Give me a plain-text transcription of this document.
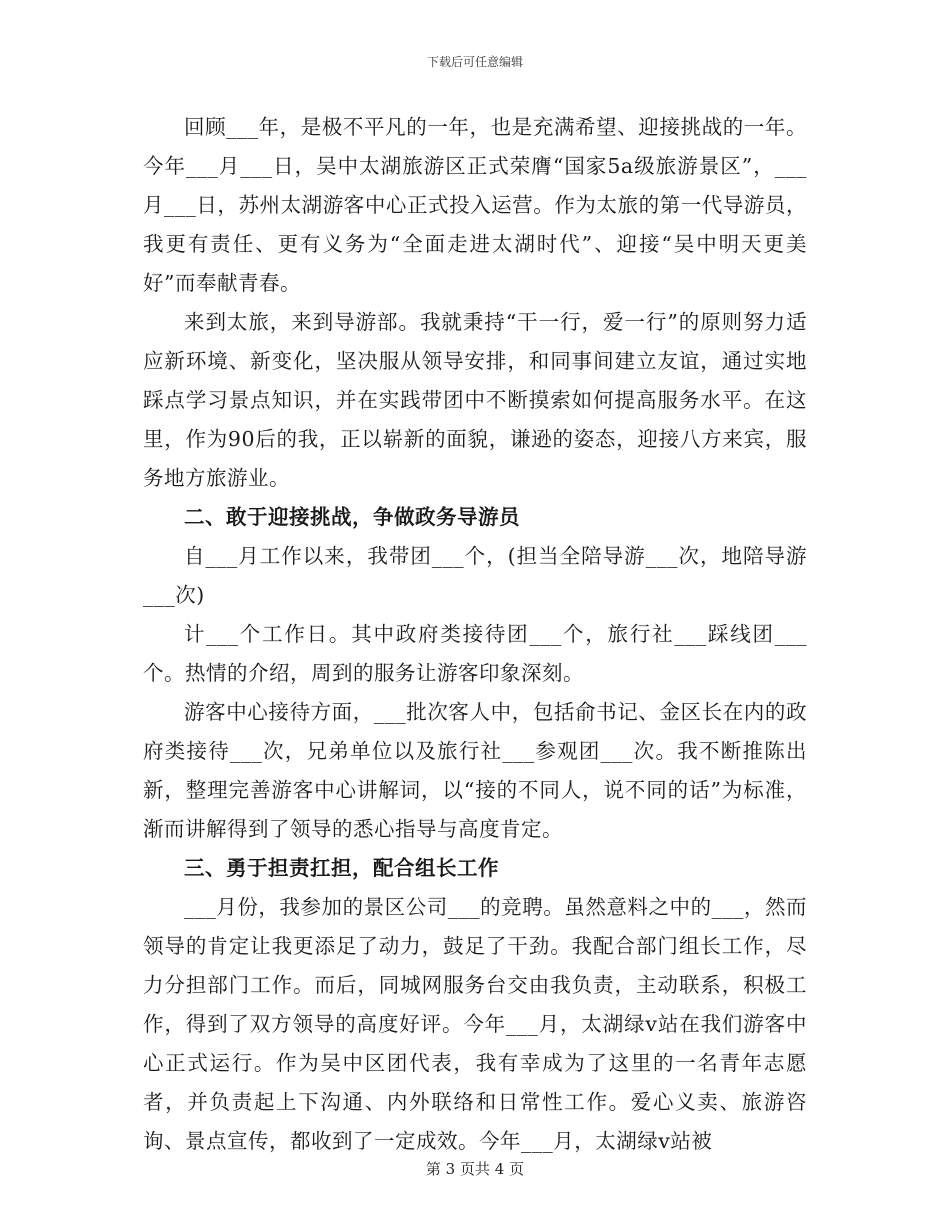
下载后可任意编辑

回顾___年，是极不平凡的一年，也是充满希望、迎接挑战的一年。今年___月___日，吴中太湖旅游区正式荣膺“国家5a级旅游景区”，___月___日，苏州太湖游客中心正式投入运营。作为太旅的第一代导游员，我更有责任、更有义务为“全面走进太湖时代”、迎接“吴中明天更美好”而奉献青春。

来到太旅，来到导游部。我就秉持“干一行，爱一行”的原则努力适应新环境、新变化，坚决服从领导安排，和同事间建立友谊，通过实地踩点学习景点知识，并在实践带团中不断摸索如何提高服务水平。在这里，作为90后的我，正以崭新的面貌，谦逊的姿态，迎接八方来宾，服务地方旅游业。

二、敢于迎接挑战，争做政务导游员

自___月工作以来，我带团___个，(担当全陪导游___次，地陪导游___次)

计___个工作日。其中政府类接待团___个，旅行社___踩线团___个。热情的介绍，周到的服务让游客印象深刻。

游客中心接待方面，___批次客人中，包括俞书记、金区长在内的政府类接待___次，兄弟单位以及旅行社___参观团___次。我不断推陈出新，整理完善游客中心讲解词，以“接的不同人，说不同的话”为标准，渐而讲解得到了领导的悉心指导与高度肯定。

三、勇于担责扛担，配合组长工作

___月份，我参加的景区公司___的竞聘。虽然意料之中的___，然而领导的肯定让我更添足了动力，鼓足了干劲。我配合部门组长工作，尽力分担部门工作。而后，同城网服务台交由我负责，主动联系，积极工作，得到了双方领导的高度好评。今年___月，太湖绿v站在我们游客中心正式运行。作为吴中区团代表，我有幸成为了这里的一名青年志愿者，并负责起上下沟通、内外联络和日常性工作。爱心义卖、旅游咨询、景点宣传，都收到了一定成效。今年___月，太湖绿v站被

第 3 页共 4 页
